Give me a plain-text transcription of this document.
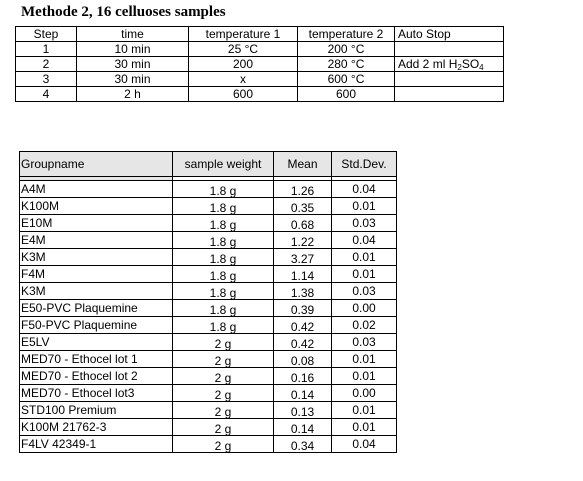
Methode 2, 16 celluoses samples
Step	time	temperature 1	temperature 2	Auto Stop
1	10 min	25 °C	200 °C	
2	30 min	200	280 °C	Add 2 ml $H_2SO_4$
3	30 min	x	600 °C	
4	2 h	600	600	
Groupname	sample weight	Mean	Std.Dev.

A4M	1.8 g	1.26	0.04
K100M	1.8 g	0.35	0.01
E10M	1.8 g	0.68	0.03
E4M	1.8 g	1.22	0.04
K3M	1.8 g	3.27	0.01
F4M	1.8 g	1.14	0.01
K3M	1.8 g	1.38	0.03
E50-PVC Plaquemine	1.8 g	0.39	0.00
F50-PVC Plaquemine	1.8 g	0.42	0.02
E5LV	2 g	0.42	0.03
MED70 - Ethocel lot 1	2 g	0.08	0.01
MED70 - Ethocel lot 2	2 g	0.16	0.01
MED70 - Ethocel lot3	2 g	0.14	0.00
STD100 Premium	2 g	0.13	0.01
K100M 21762-3	2 g	0.14	0.01
F4LV 42349-1	2 g	0.34	0.04
